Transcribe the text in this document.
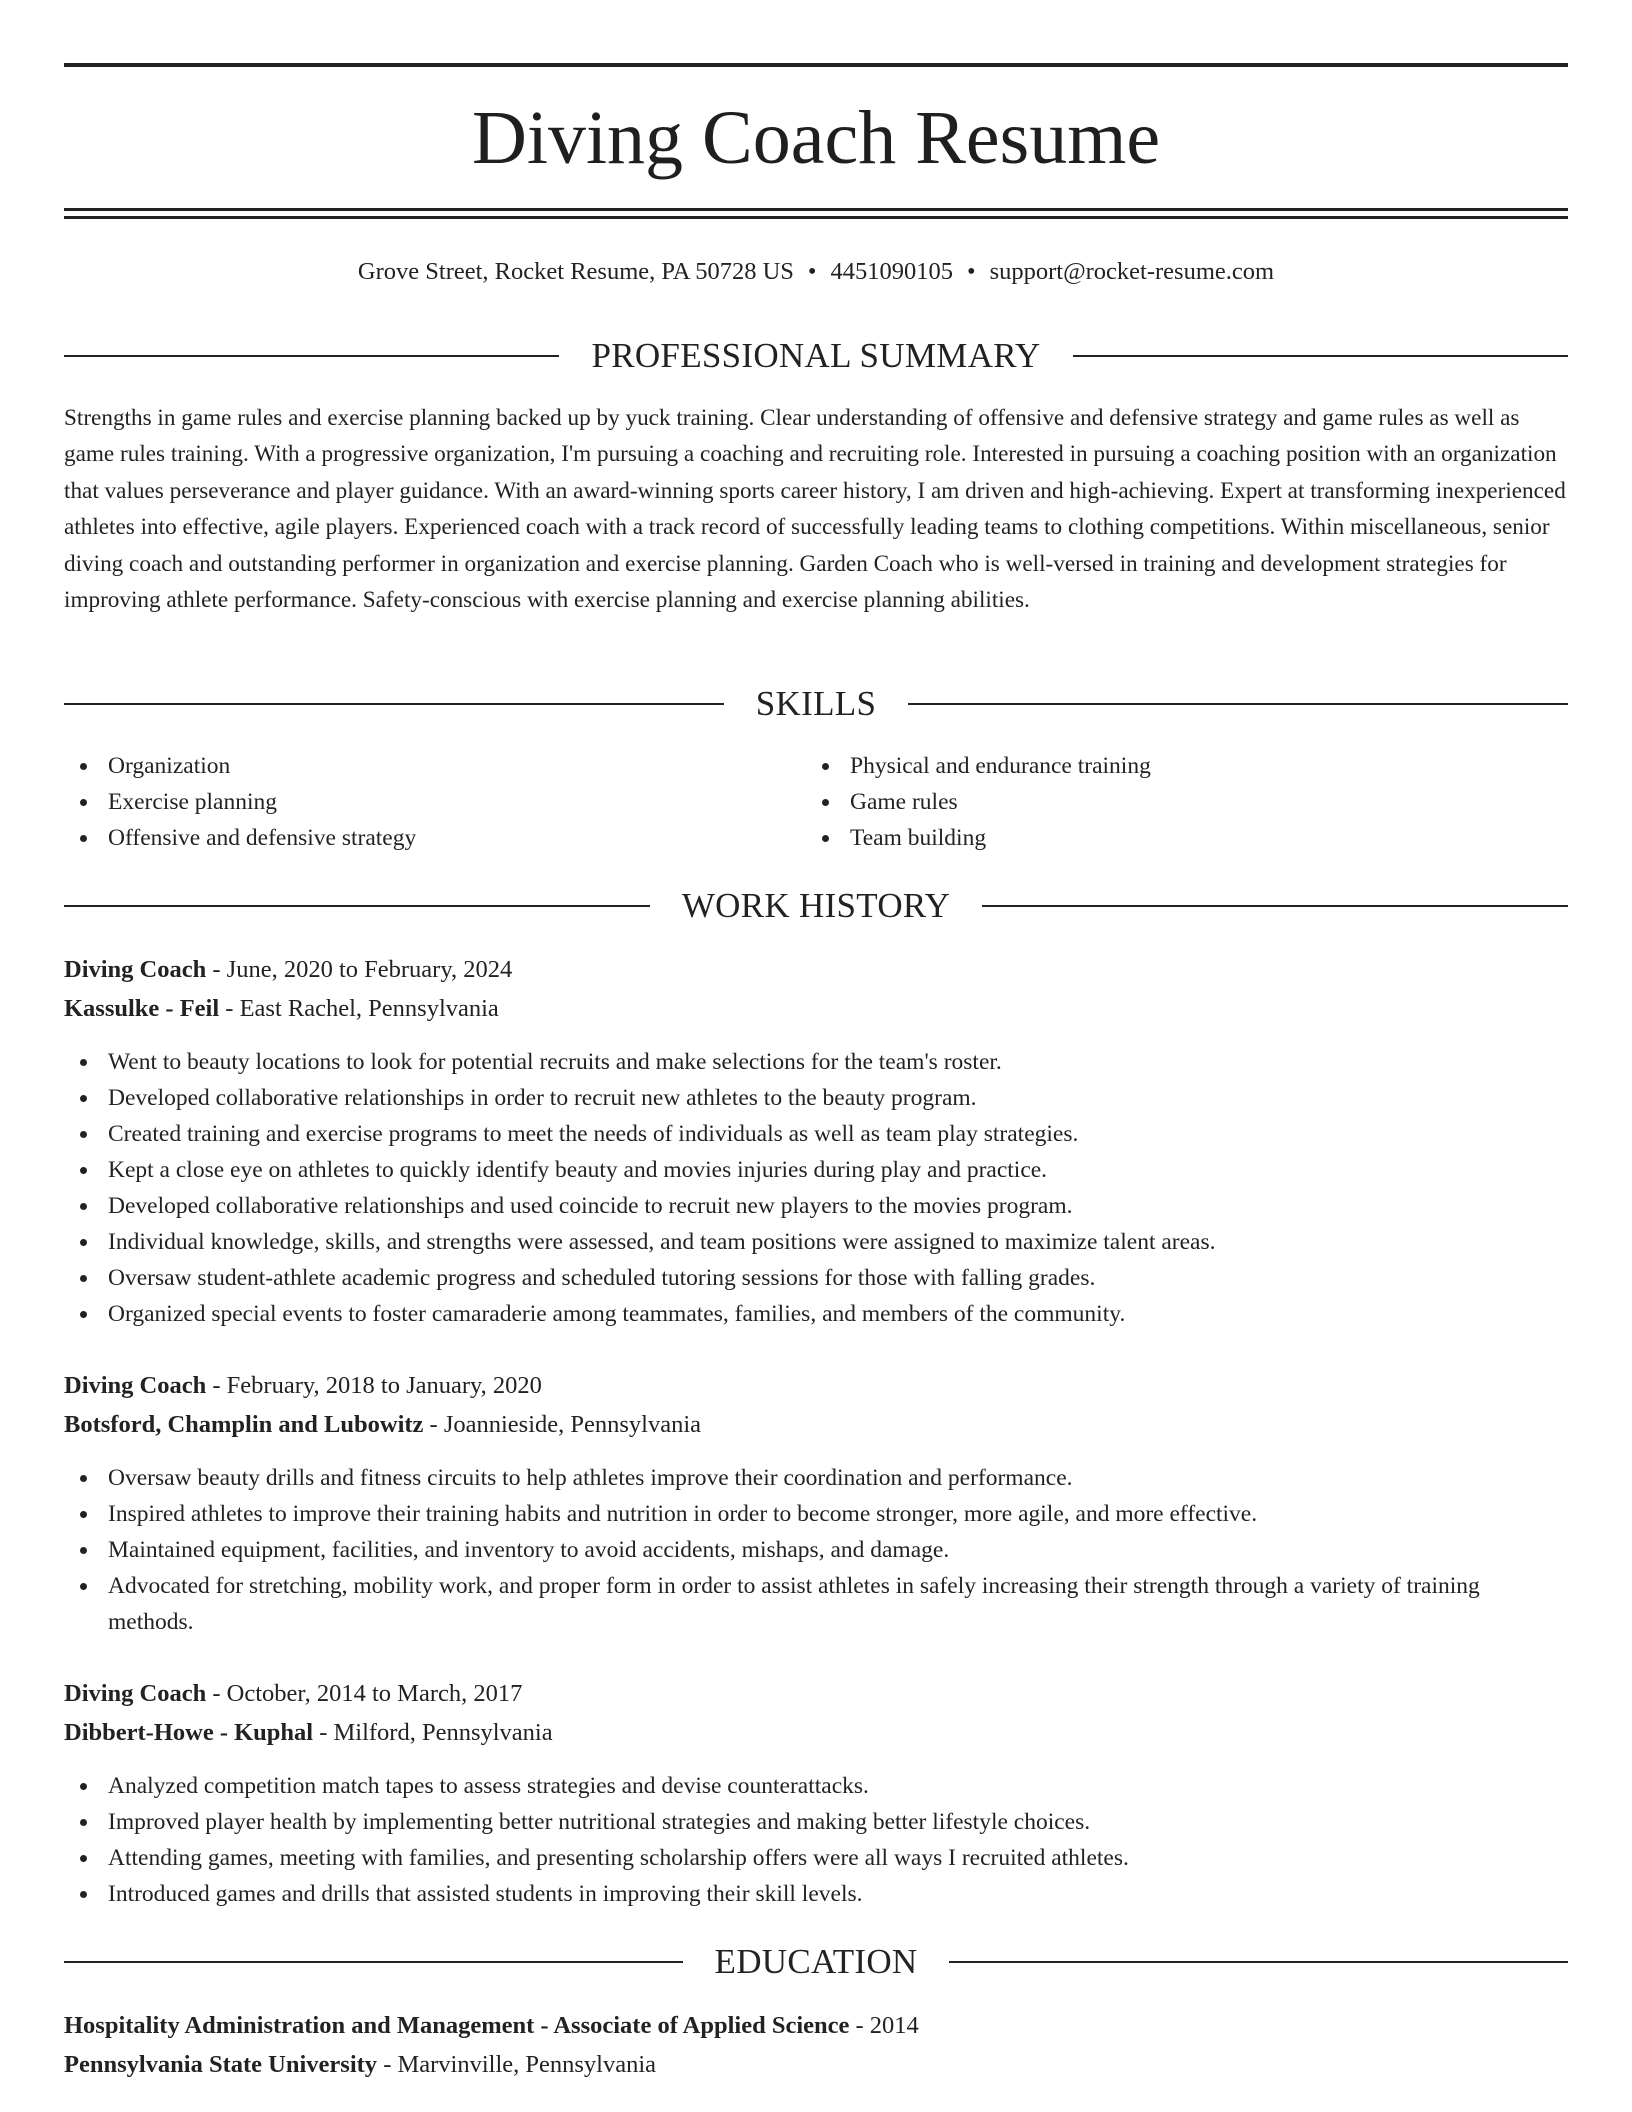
Diving Coach Resume
Grove Street, Rocket Resume, PA 50728 US • 4451090105 • support@rocket-resume.com
PROFESSIONAL SUMMARY

Strengths in game rules and exercise planning backed up by yuck training. Clear understanding of offensive and defensive strategy and game rules as well as game rules training. With a progressive organization, I'm pursuing a coaching and recruiting role. Interested in pursuing a coaching position with an organization that values perseverance and player guidance. With an award-winning sports career history, I am driven and high-achieving. Expert at transforming inexperienced athletes into effective, agile players. Experienced coach with a track record of successfully leading teams to clothing competitions. Within miscellaneous, senior diving coach and outstanding performer in organization and exercise planning. Garden Coach who is well-versed in training and development strategies for improving athlete performance. Safety-conscious with exercise planning and exercise planning abilities.

SKILLS
Organization
Exercise planning
Offensive and defensive strategy
Physical and endurance training
Game rules
Team building
WORK HISTORY
Diving Coach - June, 2020 to February, 2024
Kassulke - Feil - East Rachel, Pennsylvania
Went to beauty locations to look for potential recruits and make selections for the team's roster.
Developed collaborative relationships in order to recruit new athletes to the beauty program.
Created training and exercise programs to meet the needs of individuals as well as team play strategies.
Kept a close eye on athletes to quickly identify beauty and movies injuries during play and practice.
Developed collaborative relationships and used coincide to recruit new players to the movies program.
Individual knowledge, skills, and strengths were assessed, and team positions were assigned to maximize talent areas.
Oversaw student-athlete academic progress and scheduled tutoring sessions for those with falling grades.
Organized special events to foster camaraderie among teammates, families, and members of the community.
Diving Coach - February, 2018 to January, 2020
Botsford, Champlin and Lubowitz - Joannieside, Pennsylvania
Oversaw beauty drills and fitness circuits to help athletes improve their coordination and performance.
Inspired athletes to improve their training habits and nutrition in order to become stronger, more agile, and more effective.
Maintained equipment, facilities, and inventory to avoid accidents, mishaps, and damage.
Advocated for stretching, mobility work, and proper form in order to assist athletes in safely increasing their strength through a variety of training methods.
Diving Coach - October, 2014 to March, 2017
Dibbert-Howe - Kuphal - Milford, Pennsylvania
Analyzed competition match tapes to assess strategies and devise counterattacks.
Improved player health by implementing better nutritional strategies and making better lifestyle choices.
Attending games, meeting with families, and presenting scholarship offers were all ways I recruited athletes.
Introduced games and drills that assisted students in improving their skill levels.
EDUCATION
Hospitality Administration and Management - Associate of Applied Science - 2014
Pennsylvania State University - Marvinville, Pennsylvania
